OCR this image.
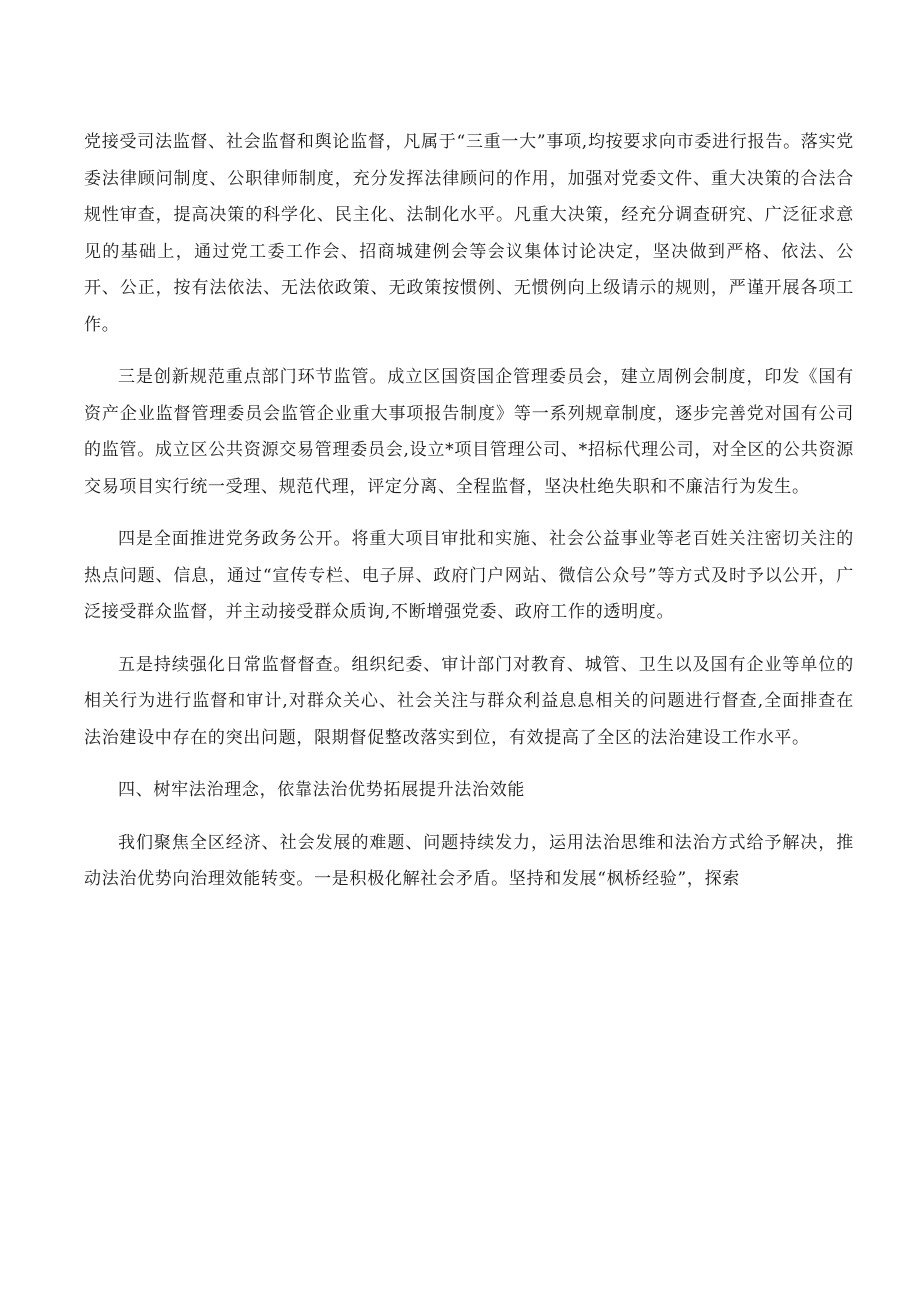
党接受司法监督、社会监督和舆论监督，凡属于“三重一大”事项,均按要求向市委进行报告。落实党委法律顾问制度、公职律师制度，充分发挥法律顾问的作用，加强对党委文件、重大决策的合法合规性审查，提高决策的科学化、民主化、法制化水平。凡重大决策，经充分调查研究、广泛征求意见的基础上，通过党工委工作会、招商城建例会等会议集体讨论决定，坚决做到严格、依法、公开、公正，按有法依法、无法依政策、无政策按惯例、无惯例向上级请示的规则，严谨开展各项工作。

三是创新规范重点部门环节监管。成立区国资国企管理委员会，建立周例会制度，印发《国有资产企业监督管理委员会监管企业重大事项报告制度》等一系列规章制度，逐步完善党对国有公司的监管。成立区公共资源交易管理委员会,设立*项目管理公司、*招标代理公司，对全区的公共资源交易项目实行统一受理、规范代理，评定分离、全程监督，坚决杜绝失职和不廉洁行为发生。

四是全面推进党务政务公开。将重大项目审批和实施、社会公益事业等老百姓关注密切关注的热点问题、信息，通过“宣传专栏、电子屏、政府门户网站、微信公众号”等方式及时予以公开，广泛接受群众监督，并主动接受群众质询,不断增强党委、政府工作的透明度。

五是持续强化日常监督督查。组织纪委、审计部门对教育、城管、卫生以及国有企业等单位的相关行为进行监督和审计,对群众关心、社会关注与群众利益息息相关的问题进行督查,全面排查在法治建设中存在的突出问题，限期督促整改落实到位，有效提高了全区的法治建设工作水平。

四、树牢法治理念，依靠法治优势拓展提升法治效能

我们聚焦全区经济、社会发展的难题、问题持续发力，运用法治思维和法治方式给予解决，推动法治优势向治理效能转变。一是积极化解社会矛盾。坚持和发展“枫桥经验”，探索
